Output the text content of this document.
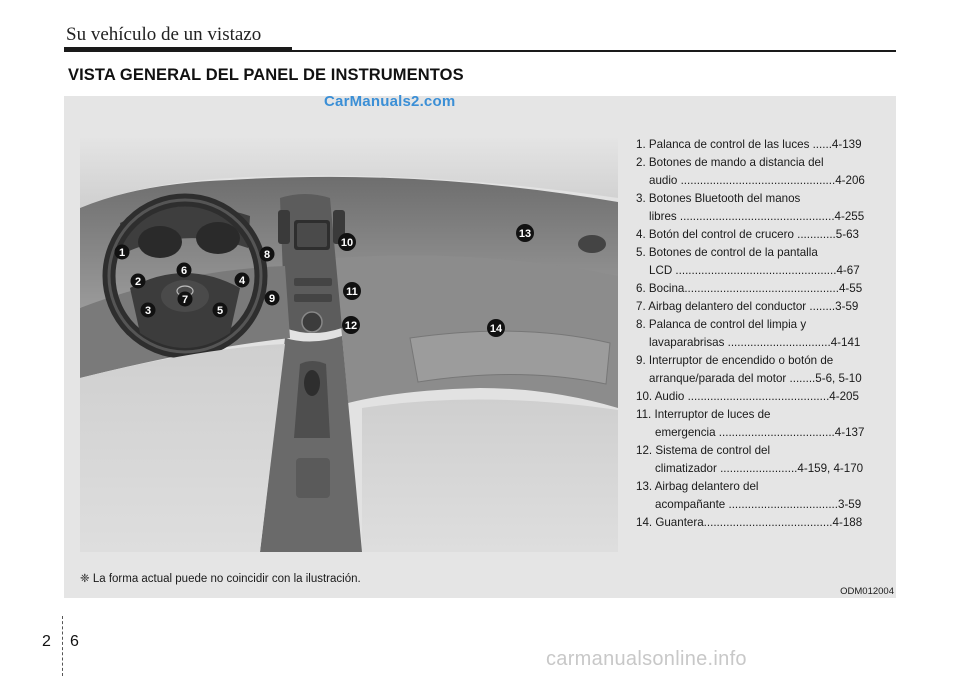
Su vehículo de un vistazo
VISTA GENERAL DEL PANEL DE INSTRUMENTOS
CarManuals2.com
1
2
3
4
5
6
7
8
9
10
11
12
13
14
1. Palanca de control de las luces ......4-139
2. Botones de mando a distancia del
audio ................................................4-206
3. Botones Bluetooth del manos
libres ................................................4-255
4. Botón del control de crucero ............5-63
5. Botones de control de la pantalla
LCD ..................................................4-67
6. Bocina................................................4-55
7. Airbag delantero del conductor ........3-59
8. Palanca de control del limpia y
lavaparabrisas ................................4-141
9. Interruptor de encendido o botón de
arranque/parada del motor ........5-6, 5-10
10. Audio ............................................4-205
11. Interruptor de luces de
emergencia ....................................4-137
12. Sistema de control del
climatizador ........................4-159, 4-170
13. Airbag delantero del
acompañante ..................................3-59
14. Guantera........................................4-188
❈ La forma actual puede no coincidir con la ilustración.
ODM012004
2 6
carmanualsonline.info
